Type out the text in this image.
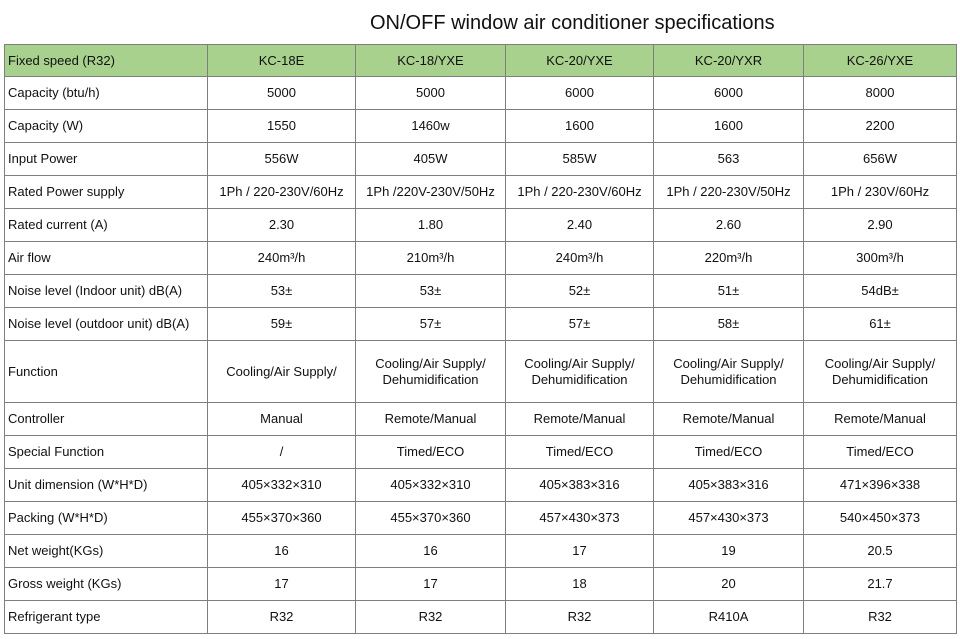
ON/OFF window air conditioner specifications
Fixed speed (R32)	KC-18E	KC-18/YXE	KC-20/YXE	KC-20/YXR	KC-26/YXE
Capacity (btu/h)	5000	5000	6000	6000	8000
Capacity (W)	1550	1460w	1600	1600	2200
Input Power	556W	405W	585W	563	656W
Rated Power supply	1Ph / 220-230V/60Hz	1Ph /220V-230V/50Hz	1Ph / 220-230V/60Hz	1Ph / 220-230V/50Hz	1Ph / 230V/60Hz
Rated current (A)	2.30	1.80	2.40	2.60	2.90
Air flow	240m³/h	210m³/h	240m³/h	220m³/h	300m³/h
Noise level (Indoor unit) dB(A)	53±	53±	52±	51±	54dB±
Noise level (outdoor unit) dB(A)	59±	57±	57±	58±	61±
Function	Cooling/Air Supply/	Cooling/Air Supply/ Dehumidification	Cooling/Air Supply/ Dehumidification	Cooling/Air Supply/ Dehumidification	Cooling/Air Supply/ Dehumidification
Controller	Manual	Remote/Manual	Remote/Manual	Remote/Manual	Remote/Manual
Special Function	/	Timed/ECO	Timed/ECO	Timed/ECO	Timed/ECO
Unit dimension (W*H*D)	405×332×310	405×332×310	405×383×316	405×383×316	471×396×338
Packing (W*H*D)	455×370×360	455×370×360	457×430×373	457×430×373	540×450×373
Net weight(KGs)	16	16	17	19	20.5
Gross weight (KGs)	17	17	18	20	21.7
Refrigerant type	R32	R32	R32	R410A	R32
